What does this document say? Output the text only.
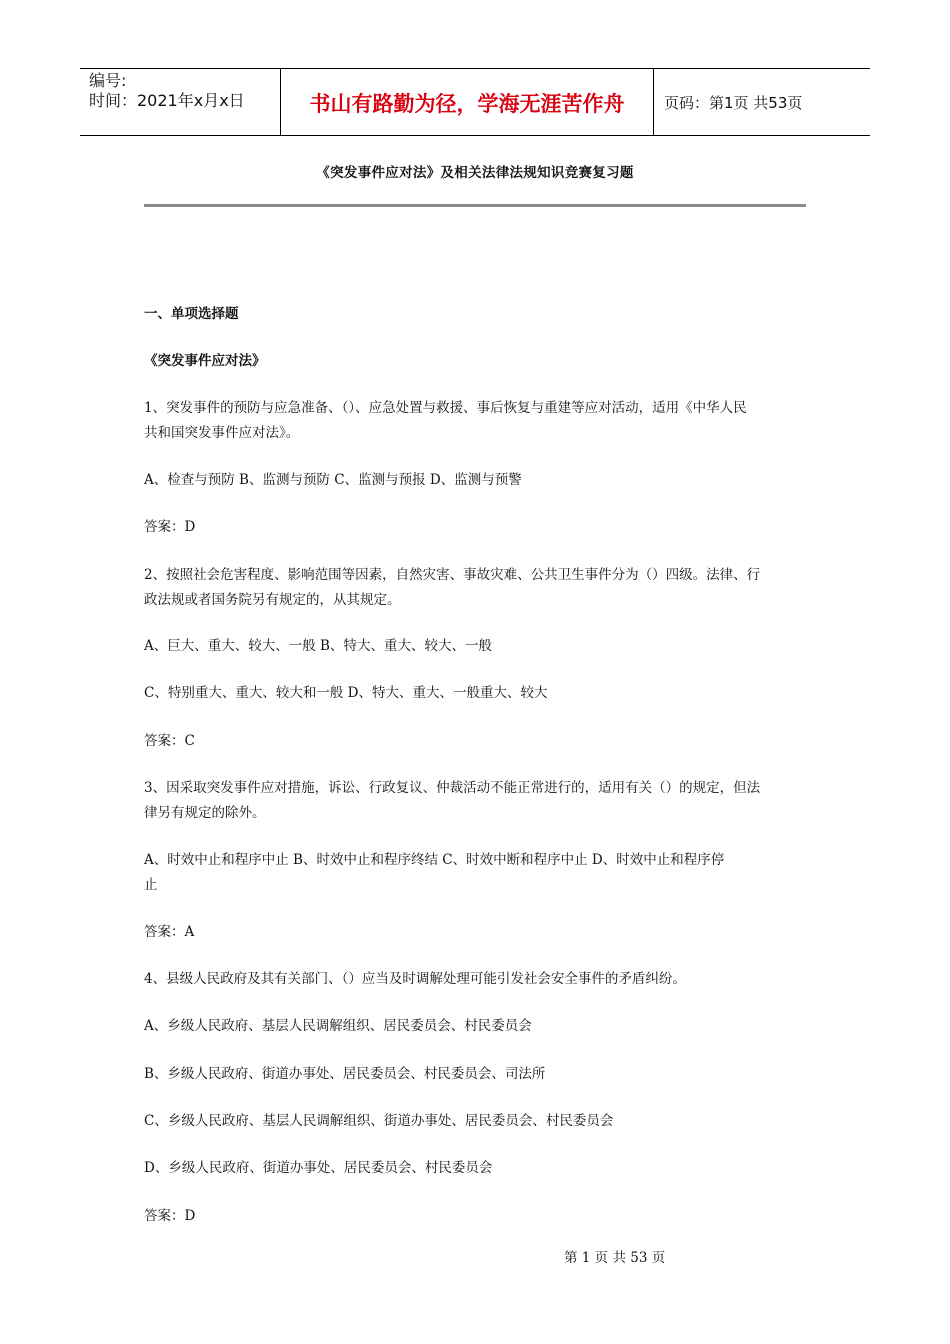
编号:
时间：2021年x月x日	书山有路勤为径，学海无涯苦作舟	页码：第1页 共53页
《突发事件应对法》及相关法律法规知识竞赛复习题
一、单项选择题
《突发事件应对法》
1、突发事件的预防与应急准备、（）、应急处置与救援、事后恢复与重建等应对活动，适用《中华人民
共和国突发事件应对法》。
A、检查与预防 B、监测与预防 C、监测与预报 D、监测与预警
答案：D
2、按照社会危害程度、影响范围等因素，自然灾害、事故灾难、公共卫生事件分为（）四级。法律、行
政法规或者国务院另有规定的，从其规定。
A、巨大、重大、较大、一般 B、特大、重大、较大、一般
C、特别重大、重大、较大和一般 D、特大、重大、一般重大、较大
答案：C
3、因采取突发事件应对措施，诉讼、行政复议、仲裁活动不能正常进行的，适用有关（）的规定，但法
律另有规定的除外。
A、时效中止和程序中止 B、时效中止和程序终结 C、时效中断和程序中止 D、时效中止和程序停
止
答案：A
4、县级人民政府及其有关部门、（）应当及时调解处理可能引发社会安全事件的矛盾纠纷。
A、乡级人民政府、基层人民调解组织、居民委员会、村民委员会
B、乡级人民政府、街道办事处、居民委员会、村民委员会、司法所
C、乡级人民政府、基层人民调解组织、街道办事处、居民委员会、村民委员会
D、乡级人民政府、街道办事处、居民委员会、村民委员会
答案：D
第 1 页 共 53 页
